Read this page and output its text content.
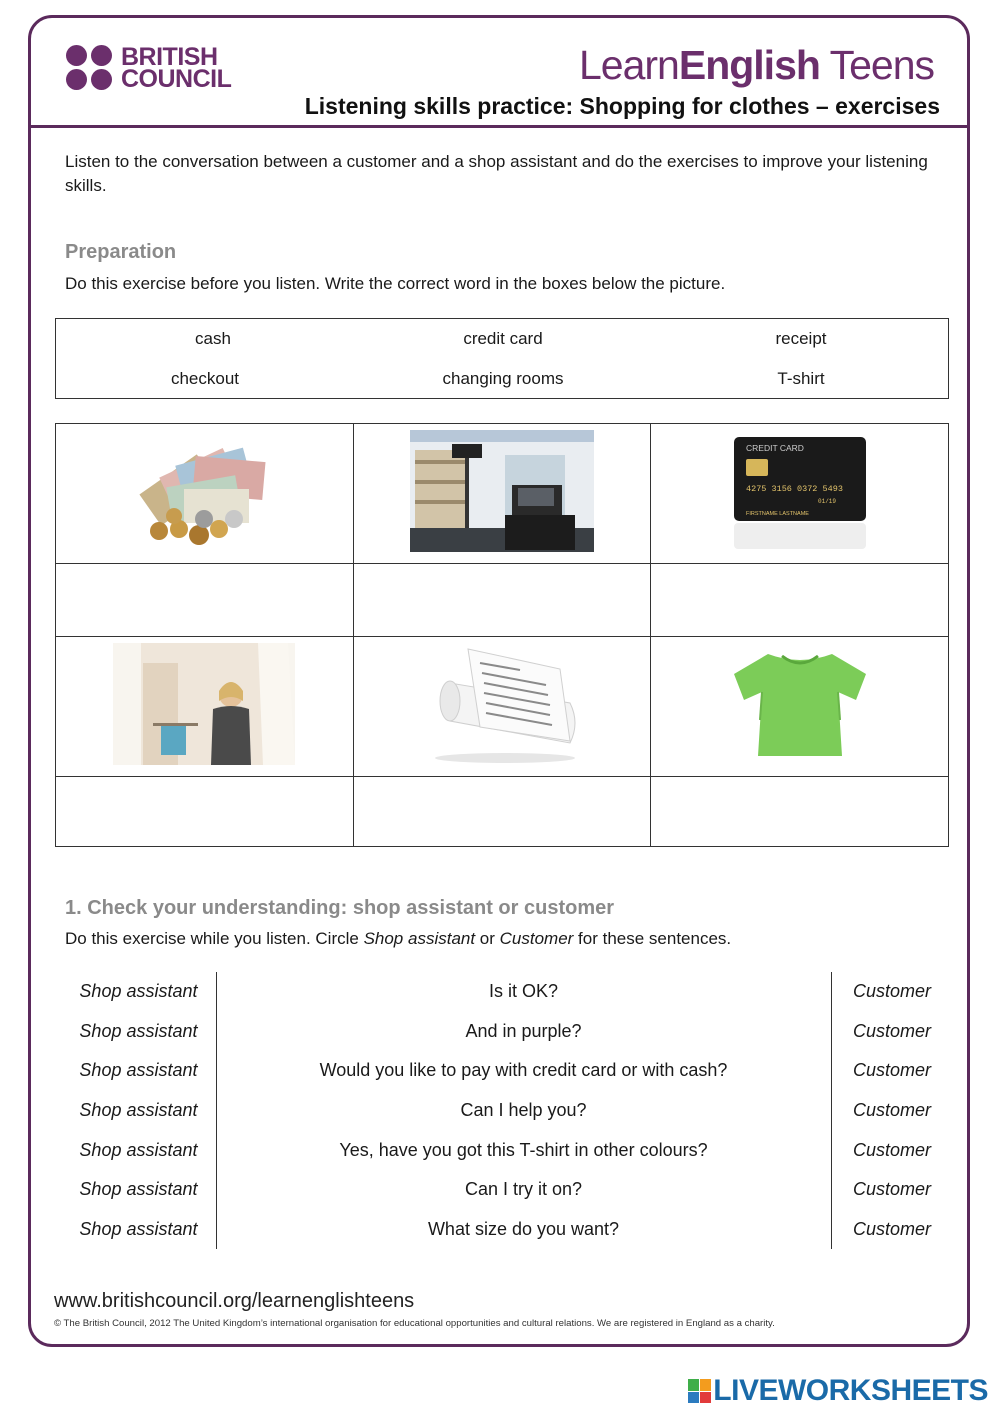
BRITISH
COUNCIL	LearnEnglish Teens
Listening skills practice: Shopping for clothes – exercises
Listen to the conversation between a customer and a shop assistant and do the exercises to improve your listening skills.
Preparation
Do this exercise before you listen. Write the correct word in the boxes below the picture.
cash	credit card	receipt
checkout	changing rooms	T-shirt

CREDIT CARD
4275 3156 0372 5493
01/19
FIRSTNAME LASTNAME

1. Check your understanding: shop assistant or customer
Do this exercise while you listen. Circle Shop assistant or Customer for these sentences.
Shop assistant	Is it OK?	Customer
Shop assistant	And in purple?	Customer
Shop assistant	Would you like to pay with credit card or with cash?	Customer
Shop assistant	Can I help you?	Customer
Shop assistant	Yes, have you got this T-shirt in other colours?	Customer
Shop assistant	Can I try it on?	Customer
Shop assistant	What size do you want?	Customer
www.britishcouncil.org/learnenglishteens
© The British Council, 2012 The United Kingdom’s international organisation for educational opportunities and cultural relations. We are registered in England as a charity.
LIVEWORKSHEETS
